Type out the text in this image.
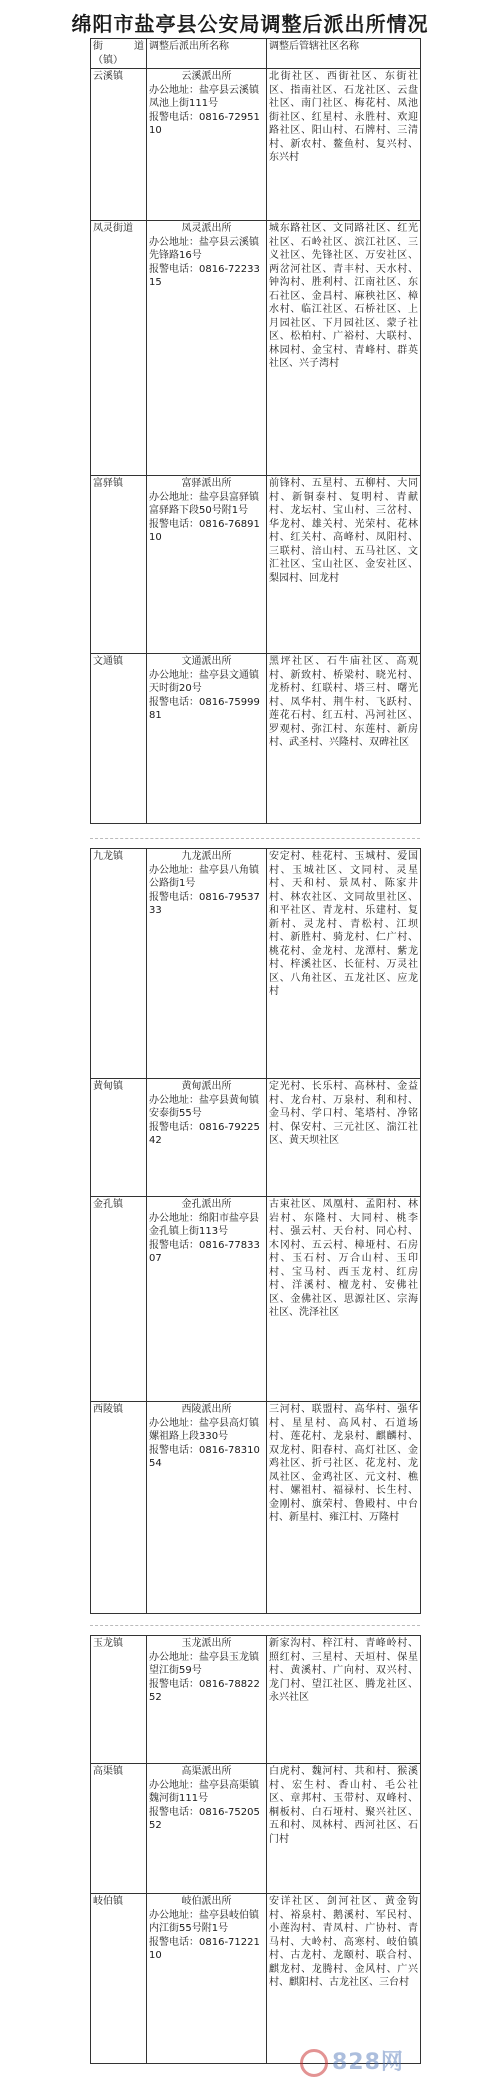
绵阳市盐亭县公安局调整后派出所情况
街 道
（镇）	调整后派出所名称	调整后管辖社区名称
云溪镇	云溪派出所
办公地址：盐亭县云溪镇凤池上街111号
报警电话：0816-7295110	北街社区、西街社区、东街社区、指南社区、石龙社区、云盘社区、南门社区、梅花村、凤池街社区、红星村、永胜村、欢迎路社区、阳山村、石牌村、三清村、新农村、鳌鱼村、复兴村、东兴村
凤灵街道	凤灵派出所
办公地址：盐亭县云溪镇先锋路16号
报警电话：0816-7223315	城东路社区、文同路社区、红光社区、石岭社区、滨江社区、三义社区、先锋社区、万安社区、两岔河社区、青丰村、天水村、钟沟村、胜利村、江南社区、东石社区、金昌村、麻秧社区、樟水村、临江社区、石桥社区、上月园社区、下月园社区、蒙子社区、松柏村、广裕村、大联村、林园村、金宝村、青峰村、群英社区、兴子湾村
富驿镇	富驿派出所
办公地址：盐亭县富驿镇富驿路下段50号附1号
报警电话：0816-7689110	前锋村、五星村、五柳村、大同村、新铜泰村、复明村、青献村、龙坛村、宝山村、三岔村、华龙村、雄关村、光荣村、花林村、红关村、高峰村、凤阳村、三联村、涪山村、五马社区、文汇社区、宝山社区、金安社区、梨园村、回龙村
文通镇	文通派出所
办公地址：盐亭县文通镇天时街20号
报警电话：0816-7599981	黑坪社区、石牛庙社区、高观村、新致村、桥梁村、晓光村、龙桥村、红联村、塔三村、曙光村、凤华村、荆牛村、飞跃村、莲花石村、红五村、冯河社区、罗观村、弥江村、东莲村、新房村、武圣村、兴隆村、双碑社区
九龙镇	九龙派出所
办公地址：盐亭县八角镇公路街1号
报警电话：0816-7953733	安定村、桂花村、玉城村、爱国村、玉城社区、文同村、灵星村、天和村、景凤村、陈家井村、林农社区、文同故里社区、和平社区、青龙村、乐建村、复新村、灵龙村、青松村、江坝村、新胜村、骑龙村、仁广村、桃花村、金龙村、龙潭村、紫龙村、梓溪社区、长征村、万灵社区、八角社区、五龙社区、应龙村
黄甸镇	黄甸派出所
办公地址：盐亭县黄甸镇安泰街55号
报警电话：0816-7922542	定光村、长乐村、高林村、金益村、龙台村、万泉村、利和村、金马村、学口村、笔塔村、净铭村、保安村、三元社区、湍江社区、黄天坝社区
金孔镇	金孔派出所
办公地址：绵阳市盐亭县金孔镇上街113号
报警电话：0816-7783307	古束社区、凤凰村、孟阳村、林岩村、东隆村、大同村、桃李村、强云村、天台村、同心村、木冈村、五云村、樟垭村、石房村、玉石村、万合山村、玉印村、宝马村、西玉龙村、红房村、洋溪村、檀龙村、安佛社区、金佛社区、思源社区、宗海社区、洗泽社区
西陵镇	西陵派出所
办公地址：盐亭县高灯镇嫘祖路上段330号
报警电话：0816-7831054	三河村、联盟村、高华村、强华村、星星村、高风村、石道场村、莲花村、龙泉村、麒麟村、双龙村、阳春村、高灯社区、金鸡社区、折弓社区、花龙村、龙凤社区、金鸡社区、元文村、樵村、嫘祖村、福禄村、长生村、金刚村、旗荣村、鲁殿村、中台村、新星村、雍江村、万隆村
玉龙镇	玉龙派出所
办公地址：盐亭县玉龙镇望江街59号
报警电话：0816-7882252	新家沟村、梓江村、青峰岭村、照红村、三星村、天垣村、保星村、黄溪村、广向村、双兴村、龙门村、望江社区、腾龙社区、永兴社区
高渠镇	高渠派出所
办公地址：盐亭县高渠镇魏河街111号
报警电话：0816-7520552	白虎村、魏河村、共和村、猴溪村、宏生村、香山村、毛公社区、章邦村、玉带村、双峰村、桐板村、白石垭村、聚兴社区、五和村、凤林村、西河社区、石门村
岐伯镇	岐伯派出所
办公地址：盐亭县岐伯镇内江街55号附1号
报警电话：0816-7122110	安详社区、剑河社区、黄金钩村、裕泉村、鹅溪村、军民村、小莲沟村、青凤村、广协村、青马村、大岭村、高寒村、岐伯镇村、古龙村、龙颐村、联合村、麒龙村、龙腾村、金风村、广兴村、麒阳村、古龙社区、三台村
828网
